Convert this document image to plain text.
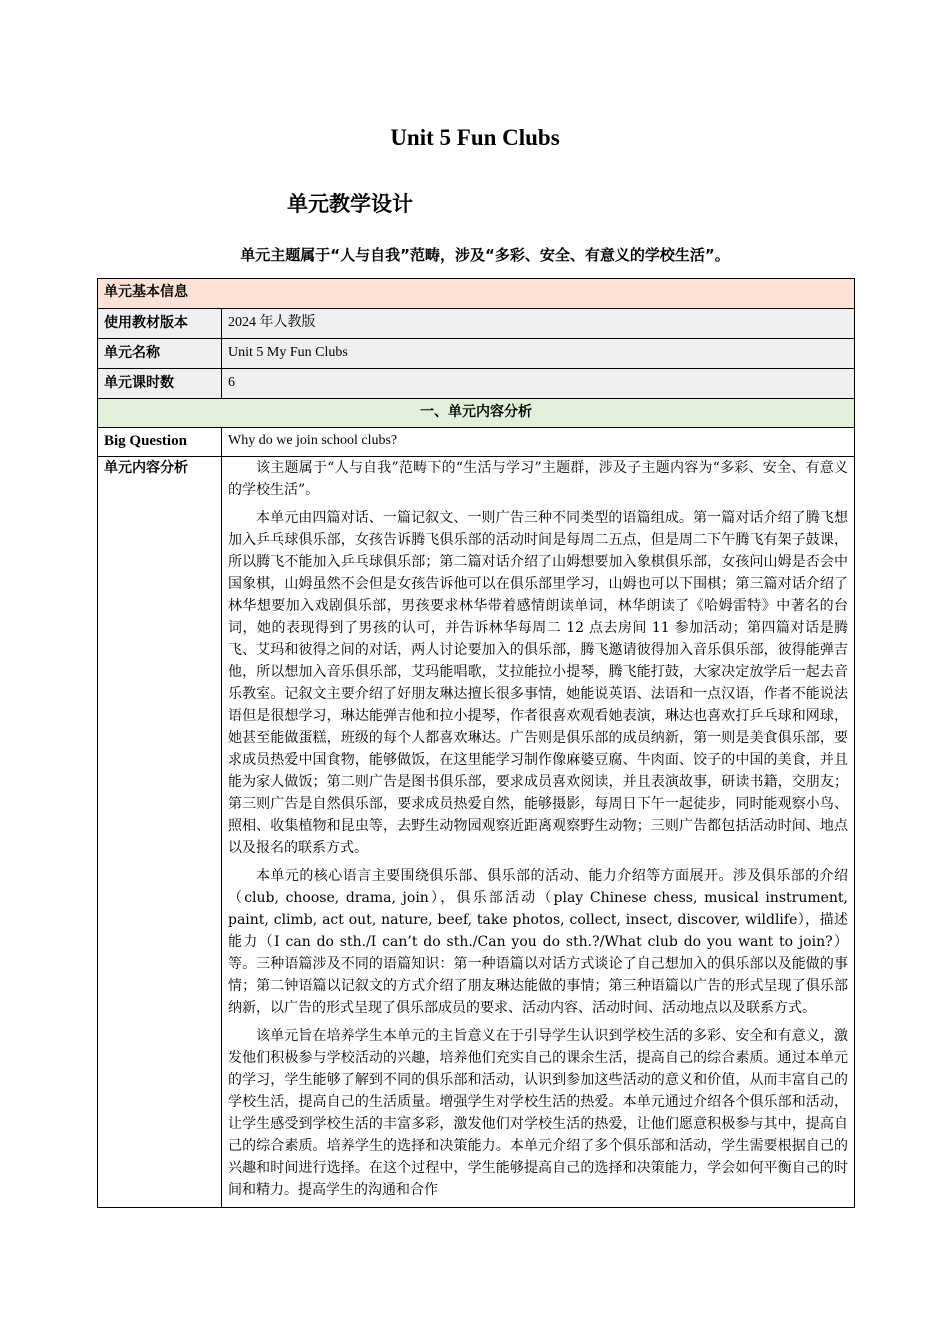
Unit 5 Fun Clubs
单元教学设计
单元主题属于“人与自我”范畴，涉及“多彩、安全、有意义的学校生活”。
单元基本信息	
使用教材版本	2024 年人教版
单元名称	Unit 5 My Fun Clubs
单元课时数	6
一、单元内容分析	
Big Question	Why do we join school clubs?
单元内容分析	该主题属于“人与自我”范畴下的“生活与学习”主题群，涉及子主题内容为“多彩、安全、有意义的学校生活”。

本单元由四篇对话、一篇记叙文、一则广告三种不同类型的语篇组成。第一篇对话介绍了腾飞想加入乒乓球俱乐部，女孩告诉腾飞俱乐部的活动时间是每周二五点，但是周二下午腾飞有架子鼓课，所以腾飞不能加入乒乓球俱乐部；第二篇对话介绍了山姆想要加入象棋俱乐部，女孩问山姆是否会中国象棋，山姆虽然不会但是女孩告诉他可以在俱乐部里学习，山姆也可以下围棋；第三篇对话介绍了林华想要加入戏剧俱乐部，男孩要求林华带着感情朗读单词，林华朗读了《哈姆雷特》中著名的台词，她的表现得到了男孩的认可，并告诉林华每周二 12 点去房间 11 参加活动；第四篇对话是腾飞、艾玛和彼得之间的对话，两人讨论要加入的俱乐部，腾飞邀请彼得加入音乐俱乐部，彼得能弹吉他，所以想加入音乐俱乐部，艾玛能唱歌，艾拉能拉小提琴，腾飞能打鼓，大家决定放学后一起去音乐教室。记叙文主要介绍了好朋友琳达擅长很多事情，她能说英语、法语和一点汉语，作者不能说法语但是很想学习，琳达能弹吉他和拉小提琴，作者很喜欢观看她表演，琳达也喜欢打乒乓球和网球，她甚至能做蛋糕，班级的每个人都喜欢琳达。广告则是俱乐部的成员纳新，第一则是美食俱乐部，要求成员热爱中国食物，能够做饭，在这里能学习制作像麻婆豆腐、牛肉面、饺子的中国的美食，并且能为家人做饭；第二则广告是图书俱乐部，要求成员喜欢阅读，并且表演故事，研读书籍，交朋友；第三则广告是自然俱乐部，要求成员热爱自然，能够摄影，每周日下午一起徒步，同时能观察小鸟、照相、收集植物和昆虫等，去野生动物园观察近距离观察野生动物；三则广告都包括活动时间、地点以及报名的联系方式。

本单元的核心语言主要围绕俱乐部、俱乐部的活动、能力介绍等方面展开。涉及俱乐部的介绍（club, choose, drama, join），俱乐部活动（play Chinese chess, musical instrument, paint, climb, act out, nature, beef, take photos, collect, insect, discover, wildlife），描述能力（I can do sth./I can’t do sth./Can you do sth.?/What club do you want to join?）等。三种语篇涉及不同的语篇知识：第一种语篇以对话方式谈论了自己想加入的俱乐部以及能做的事情；第二钟语篇以记叙文的方式介绍了朋友琳达能做的事情；第三种语篇以广告的形式呈现了俱乐部纳新，以广告的形式呈现了俱乐部成员的要求、活动内容、活动时间、活动地点以及联系方式。

该单元旨在培养学生本单元的主旨意义在于引导学生认识到学校生活的多彩、安全和有意义，激发他们积极参与学校活动的兴趣，培养他们充实自己的课余生活，提高自己的综合素质。通过本单元的学习，学生能够了解到不同的俱乐部和活动，认识到参加这些活动的意义和价值，从而丰富自己的学校生活，提高自己的生活质量。增强学生对学校生活的热爱。本单元通过介绍各个俱乐部和活动，让学生感受到学校生活的丰富多彩，激发他们对学校生活的热爱，让他们愿意积极参与其中，提高自己的综合素质。培养学生的选择和决策能力。本单元介绍了多个俱乐部和活动，学生需要根据自己的兴趣和时间进行选择。在这个过程中，学生能够提高自己的选择和决策能力，学会如何平衡自己的时间和精力。提高学生的沟通和合作
